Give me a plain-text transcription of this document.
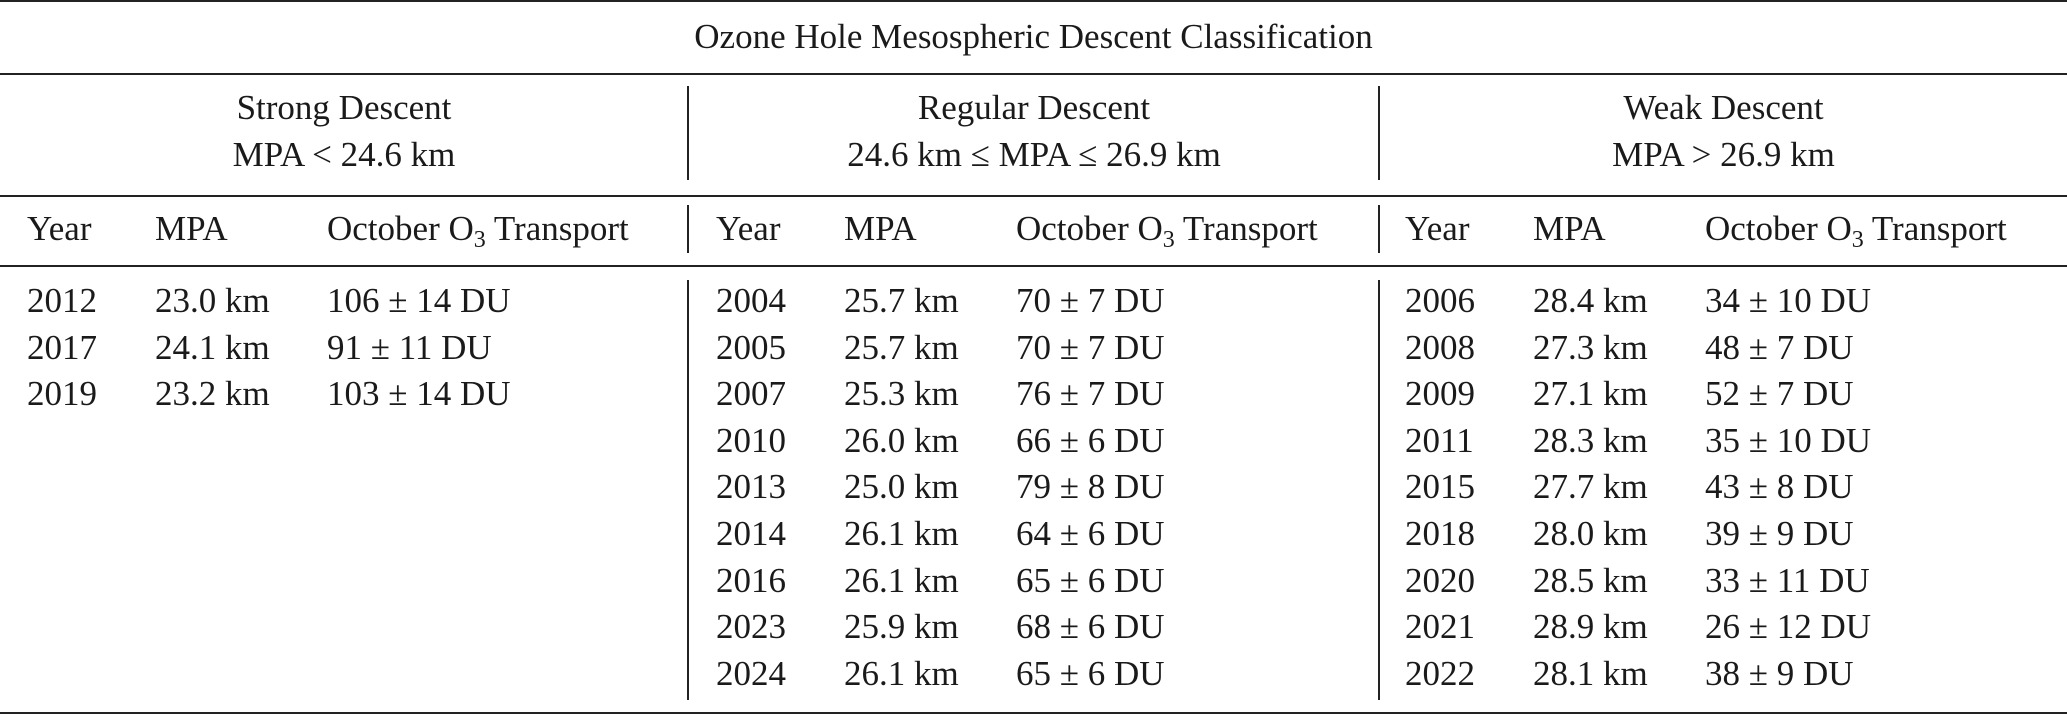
Ozone Hole Mesospheric Descent Classification
Strong Descent
MPA < 24.6 km
Regular Descent
24.6 km ≤ MPA ≤ 26.9 km
Weak Descent
MPA > 26.9 km
Year MPA	October $O_3$ Transport Year MPA	October $O_3$ Transport Year MPA	October $O_3$ Transport
2012 23.0 km 106 ± 14 DU
2017 24.1 km 91 ± 11 DU
2019 23.2 km 103 ± 14 DU
2004 25.7 km 70 ± 7 DU
2005 25.7 km 70 ± 7 DU
2007 25.3 km 76 ± 7 DU
2010 26.0 km 66 ± 6 DU
2013 25.0 km 79 ± 8 DU
2014 26.1 km 64 ± 6 DU
2016 26.1 km 65 ± 6 DU
2023 25.9 km 68 ± 6 DU
2024 26.1 km 65 ± 6 DU
2006 28.4 km 34 ± 10 DU
2008 27.3 km 48 ± 7 DU
2009 27.1 km 52 ± 7 DU
2011 28.3 km 35 ± 10 DU
2015 27.7 km 43 ± 8 DU
2018 28.0 km 39 ± 9 DU
2020 28.5 km 33 ± 11 DU
2021 28.9 km 26 ± 12 DU
2022 28.1 km 38 ± 9 DU
